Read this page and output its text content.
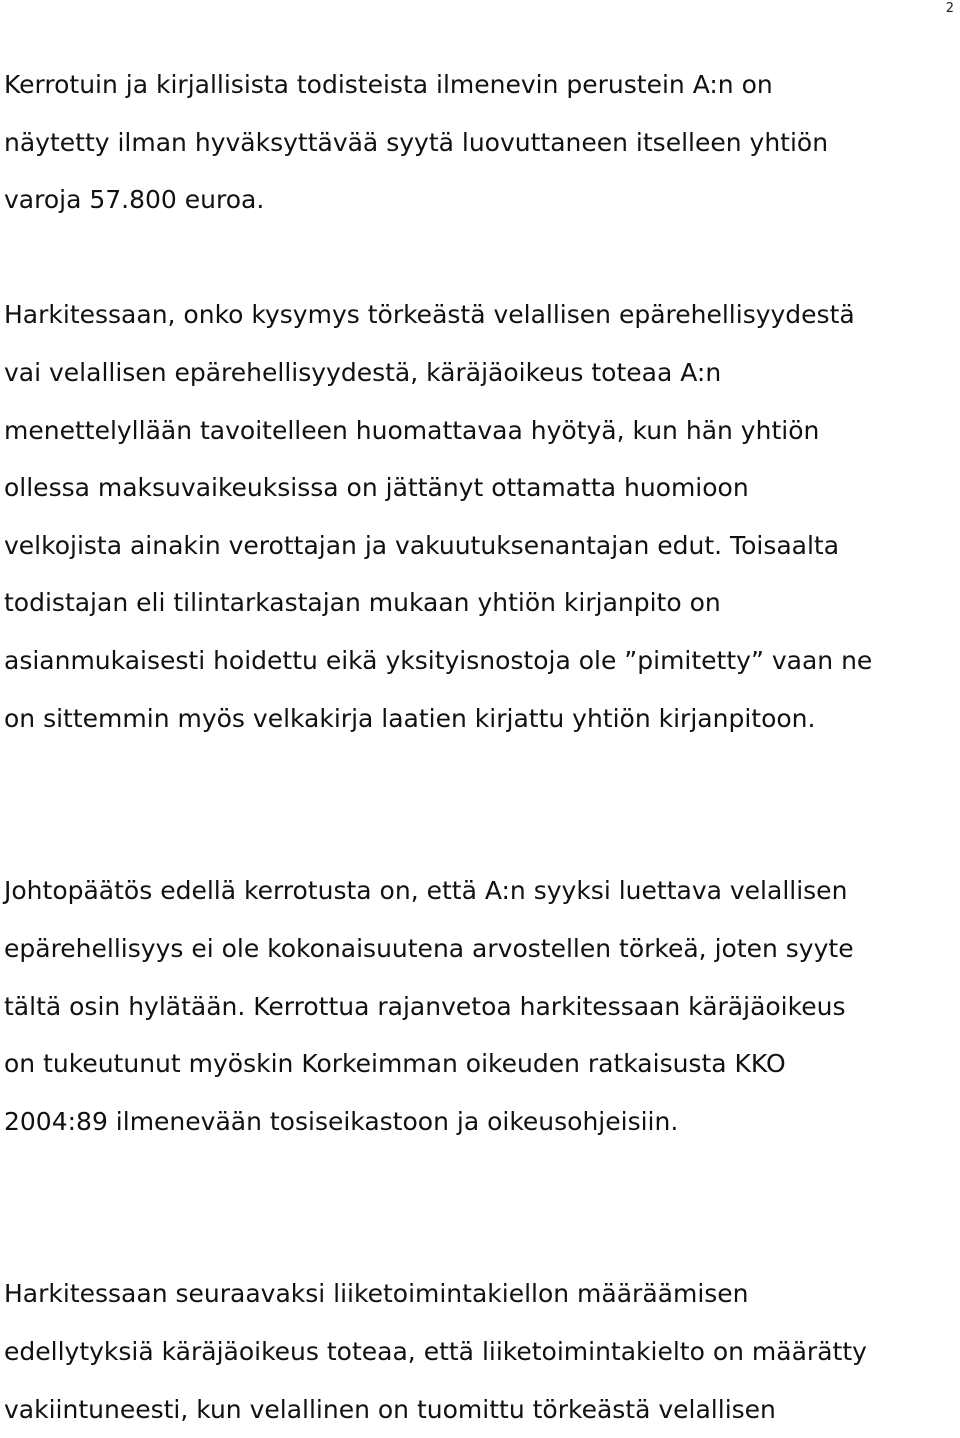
2
Kerrotuin ja kirjallisista todisteista ilmenevin perustein A:n on
näytetty ilman hyväksyttävää syytä luovuttaneen itselleen yhtiön
varoja 57.800 euroa.
Harkitessaan, onko kysymys törkeästä velallisen epärehellisyydestä
vai velallisen epärehellisyydestä, käräjäoikeus toteaa A:n
menettelyllään tavoitelleen huomattavaa hyötyä, kun hän yhtiön
ollessa maksuvaikeuksissa on jättänyt ottamatta huomioon
velkojista ainakin verottajan ja vakuutuksenantajan edut. Toisaalta
todistajan eli tilintarkastajan mukaan yhtiön kirjanpito on
asianmukaisesti hoidettu eikä yksityisnostoja ole ”pimitetty” vaan ne
on sittemmin myös velkakirja laatien kirjattu yhtiön kirjanpitoon.
Johtopäätös edellä kerrotusta on, että A:n syyksi luettava velallisen
epärehellisyys ei ole kokonaisuutena arvostellen törkeä, joten syyte
tältä osin hylätään. Kerrottua rajanvetoa harkitessaan käräjäoikeus
on tukeutunut myöskin Korkeimman oikeuden ratkaisusta KKO
2004:89 ilmenevään tosiseikastoon ja oikeusohjeisiin.
Harkitessaan seuraavaksi liiketoimintakiellon määräämisen
edellytyksiä käräjäoikeus toteaa, että liiketoimintakielto on määrätty
vakiintuneesti, kun velallinen on tuomittu törkeästä velallisen
